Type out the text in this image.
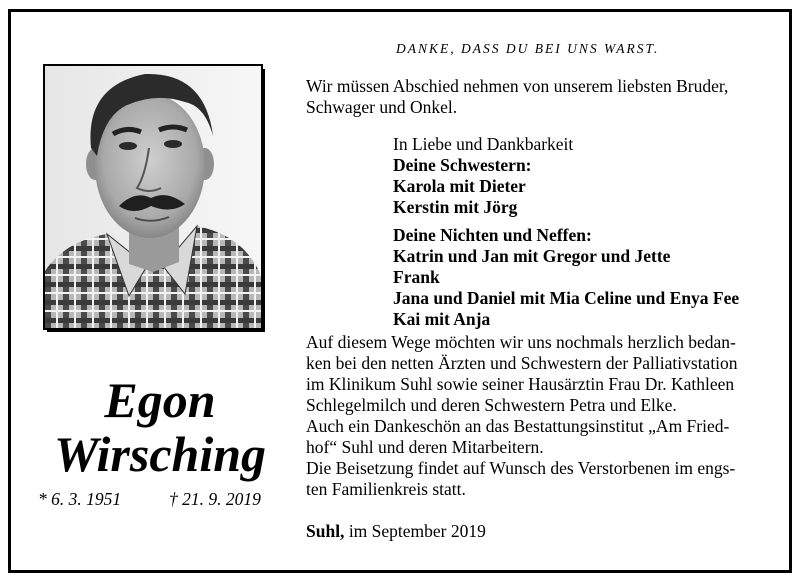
DANKE, DASS DU BEI UNS WARST.
Egon
Wirsching
* 6. 3. 1951	† 21. 9. 2019
Wir müssen Abschied nehmen von unserem liebsten Bruder,
Schwager und Onkel.
In Liebe und Dankbarkeit
Deine Schwestern:
Karola mit Dieter
Kerstin mit Jörg
Deine Nichten und Neffen:
Katrin und Jan mit Gregor und Jette
Frank
Jana und Daniel mit Mia Celine und Enya Fee
Kai mit Anja
Auf diesem Wege möchten wir uns nochmals herzlich bedan-
ken bei den netten Ärzten und Schwestern der Palliativstation
im Klinikum Suhl sowie seiner Hausärztin Frau Dr. Kathleen
Schlegelmilch und deren Schwestern Petra und Elke.
Auch ein Dankeschön an das Bestattungsinstitut „Am Fried-
hof“ Suhl und deren Mitarbeitern.
Die Beisetzung findet auf Wunsch des Verstorbenen im engs-
ten Familienkreis statt.
Suhl, im September 2019
